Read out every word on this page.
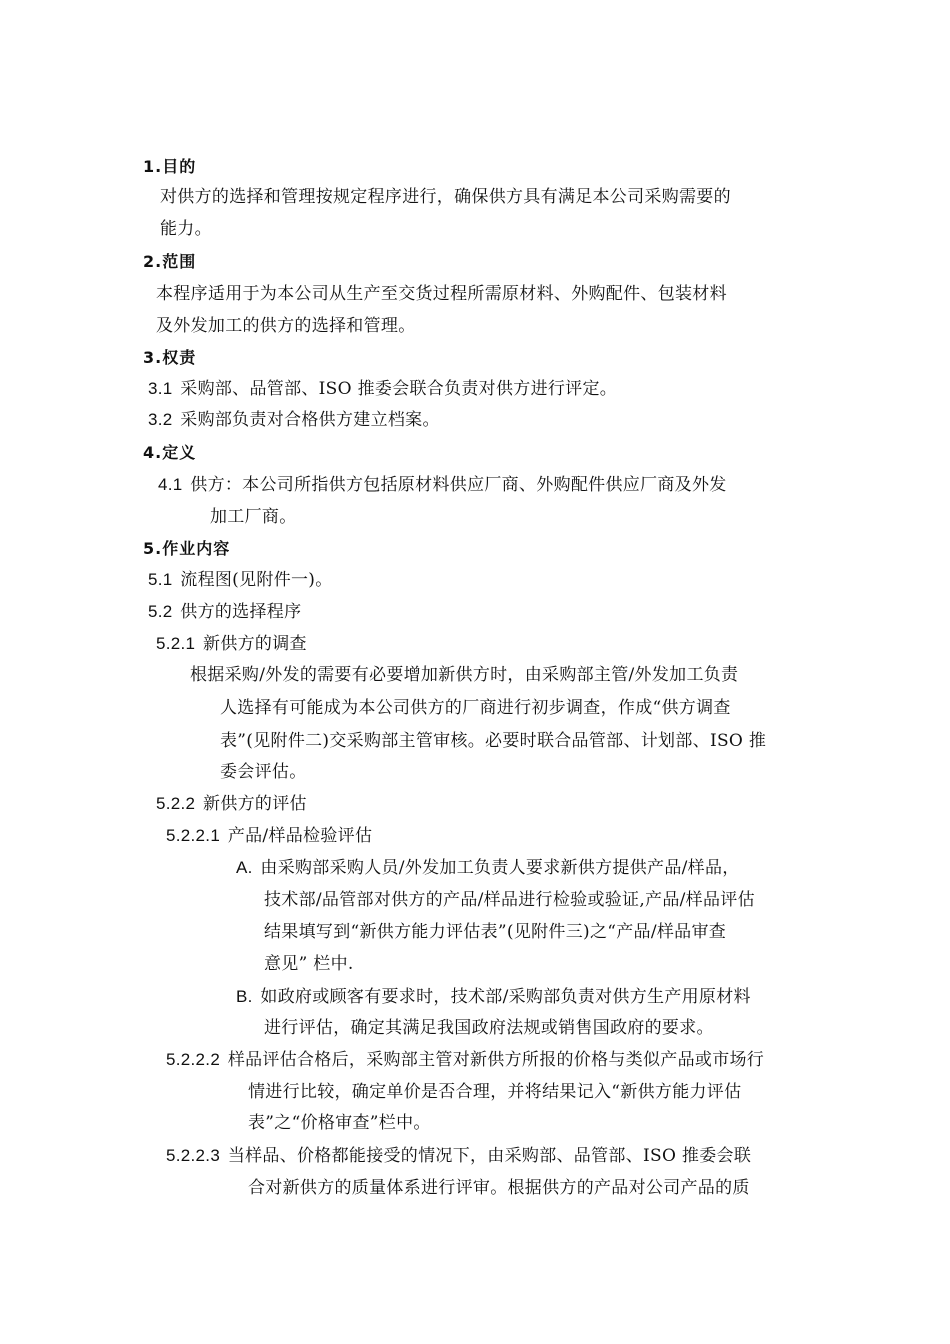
1.目的
对供方的选择和管理按规定程序进行，确保供方具有满足本公司采购需要的
能力。
2.范围
本程序适用于为本公司从生产至交货过程所需原材料、外购配件、包装材料
及外发加工的供方的选择和管理。
3.权责
3.1 采购部、品管部、ISO 推委会联合负责对供方进行评定。
3.2 采购部负责对合格供方建立档案。
4.定义
4.1 供方：本公司所指供方包括原材料供应厂商、外购配件供应厂商及外发
加工厂商。
5.作业内容
5.1 流程图(见附件一)。
5.2 供方的选择程序
5.2.1 新供方的调查
根据采购/外发的需要有必要增加新供方时，由采购部主管/外发加工负责
人选择有可能成为本公司供方的厂商进行初步调查，作成“供方调查
表”(见附件二)交采购部主管审核。必要时联合品管部、计划部、ISO 推
委会评估。
5.2.2 新供方的评估
5.2.2.1 产品/样品检验评估
A. 由采购部采购人员/外发加工负责人要求新供方提供产品/样品，
技术部/品管部对供方的产品/样品进行检验或验证,产品/样品评估
结果填写到“新供方能力评估表”(见附件三)之“产品/样品审查
意见” 栏中.
B. 如政府或顾客有要求时，技术部/采购部负责对供方生产用原材料
进行评估，确定其满足我国政府法规或销售国政府的要求。
5.2.2.2 样品评估合格后，采购部主管对新供方所报的价格与类似产品或市场行
情进行比较，确定单价是否合理，并将结果记入“新供方能力评估
表”之“价格审查”栏中。
5.2.2.3 当样品、价格都能接受的情况下，由采购部、品管部、ISO 推委会联
合对新供方的质量体系进行评审。根据供方的产品对公司产品的质
